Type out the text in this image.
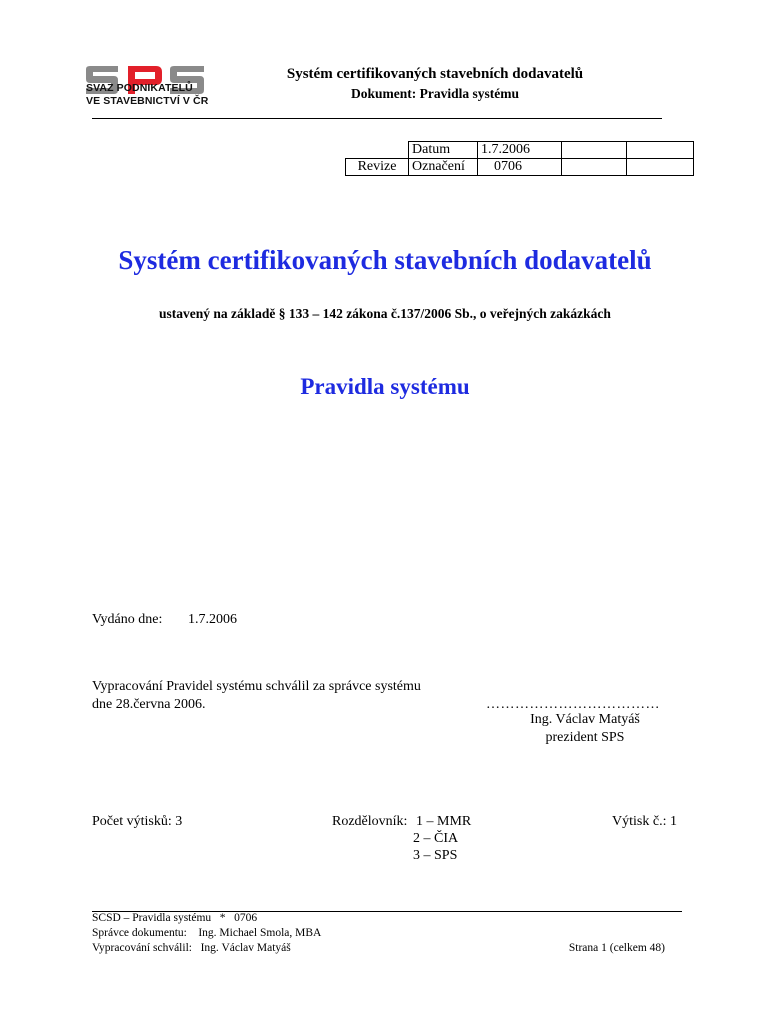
SVAZ PODNIKATELŮ
VE STAVEBNICTVÍ V ČR
Systém certifikovaných stavebních dodavatelů
Dokument: Pravidla systému
	Datum	1.7.2006		
Revize	Označení	0706		
Systém certifikovaných stavebních dodavatelů
ustavený na základě § 133 – 142 zákona č.137/2006 Sb., o veřejných zakázkách
Pravidla systému
Vydáno dne: 1.7.2006
Vypracování Pravidel systému schválil za správce systému
dne 28.června 2006.	………………………………
Ing. Václav Matyáš
prezident SPS
Počet výtisků: 3	Rozdělovník: 1 – MMR
2 – ČIA
3 – SPS
Výtisk č.: 1
SCSD – Pravidla systému   *   0706
Správce dokumentu:    Ing. Michael Smola, MBA
Vypracování schválil:   Ing. Václav Matyáš	Strana 1 (celkem 48)
